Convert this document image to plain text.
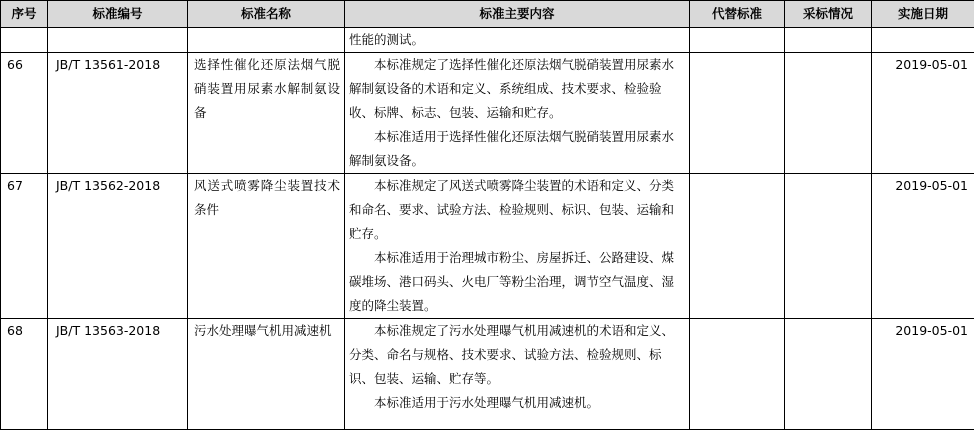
序号	标准编号	标准名称	标准主要内容	代替标准	采标情况	实施日期
			性能的测试。			
66	JB/T 13561-2018	选择性催化还原法烟气脱硝装置用尿素水解制氨设备	本标准规定了选择性催化还原法烟气脱硝装置用尿素水解制氨设备的术语和定义、系统组成、技术要求、检验验收、标牌、标志、包装、运输和贮存。
本标准适用于选择性催化还原法烟气脱硝装置用尿素水解制氨设备。			2019-05-01
67	JB/T 13562-2018	风送式喷雾降尘装置技术条件	本标准规定了风送式喷雾降尘装置的术语和定义、分类和命名、要求、试验方法、检验规则、标识、包装、运输和贮存。
本标准适用于治理城市粉尘、房屋拆迁、公路建设、煤碳堆场、港口码头、火电厂等粉尘治理，调节空气温度、湿度的降尘装置。			2019-05-01
68	JB/T 13563-2018	污水处理曝气机用减速机	本标准规定了污水处理曝气机用减速机的术语和定义、分类、命名与规格、技术要求、试验方法、检验规则、标识、包装、运输、贮存等。
本标准适用于污水处理曝气机用减速机。			2019-05-01
